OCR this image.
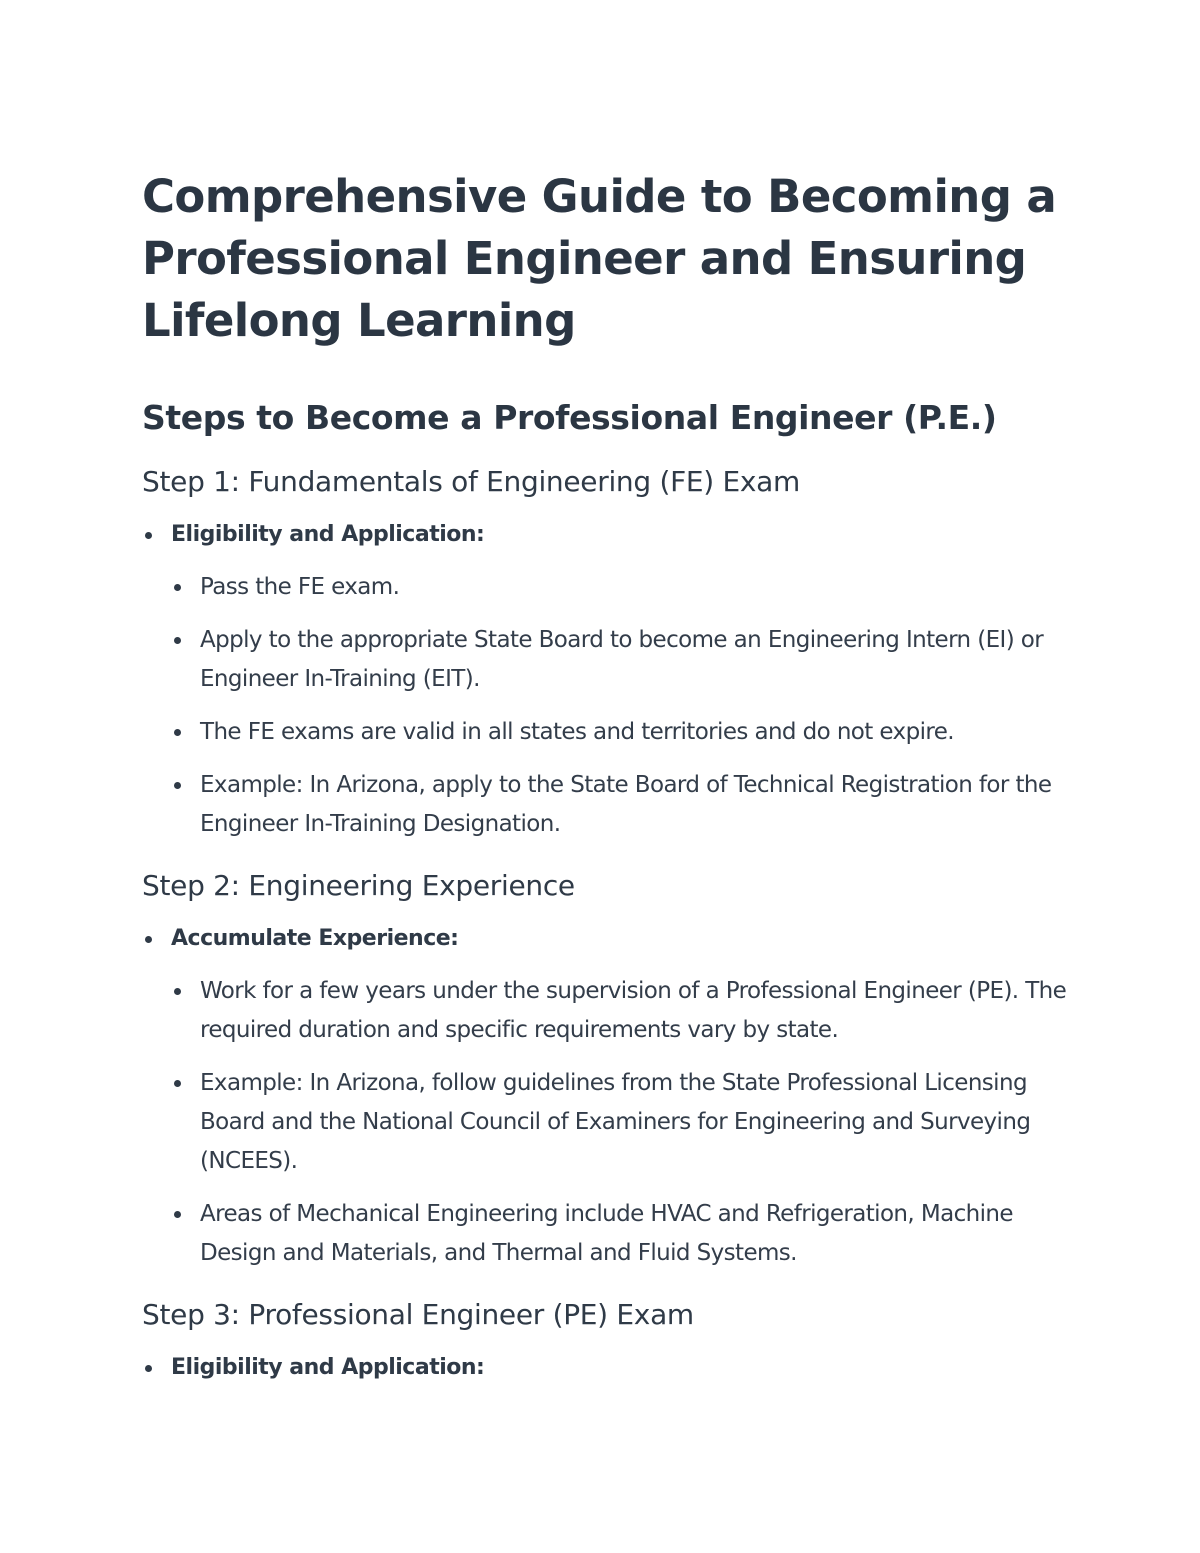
Comprehensive Guide to Becoming a Professional Engineer and Ensuring Lifelong Learning
Steps to Become a Professional Engineer (P.E.)
Step 1: Fundamentals of Engineering (FE) Exam
Eligibility and Application:
Pass the FE exam.
Apply to the appropriate State Board to become an Engineering Intern (EI) or Engineer In-Training (EIT).
The FE exams are valid in all states and territories and do not expire.
Example: In Arizona, apply to the State Board of Technical Registration for the Engineer In-Training Designation.
Step 2: Engineering Experience
Accumulate Experience:
Work for a few years under the supervision of a Professional Engineer (PE). The required duration and specific requirements vary by state.
Example: In Arizona, follow guidelines from the State Professional Licensing Board and the National Council of Examiners for Engineering and Surveying (NCEES).
Areas of Mechanical Engineering include HVAC and Refrigeration, Machine Design and Materials, and Thermal and Fluid Systems.
Step 3: Professional Engineer (PE) Exam
Eligibility and Application:
